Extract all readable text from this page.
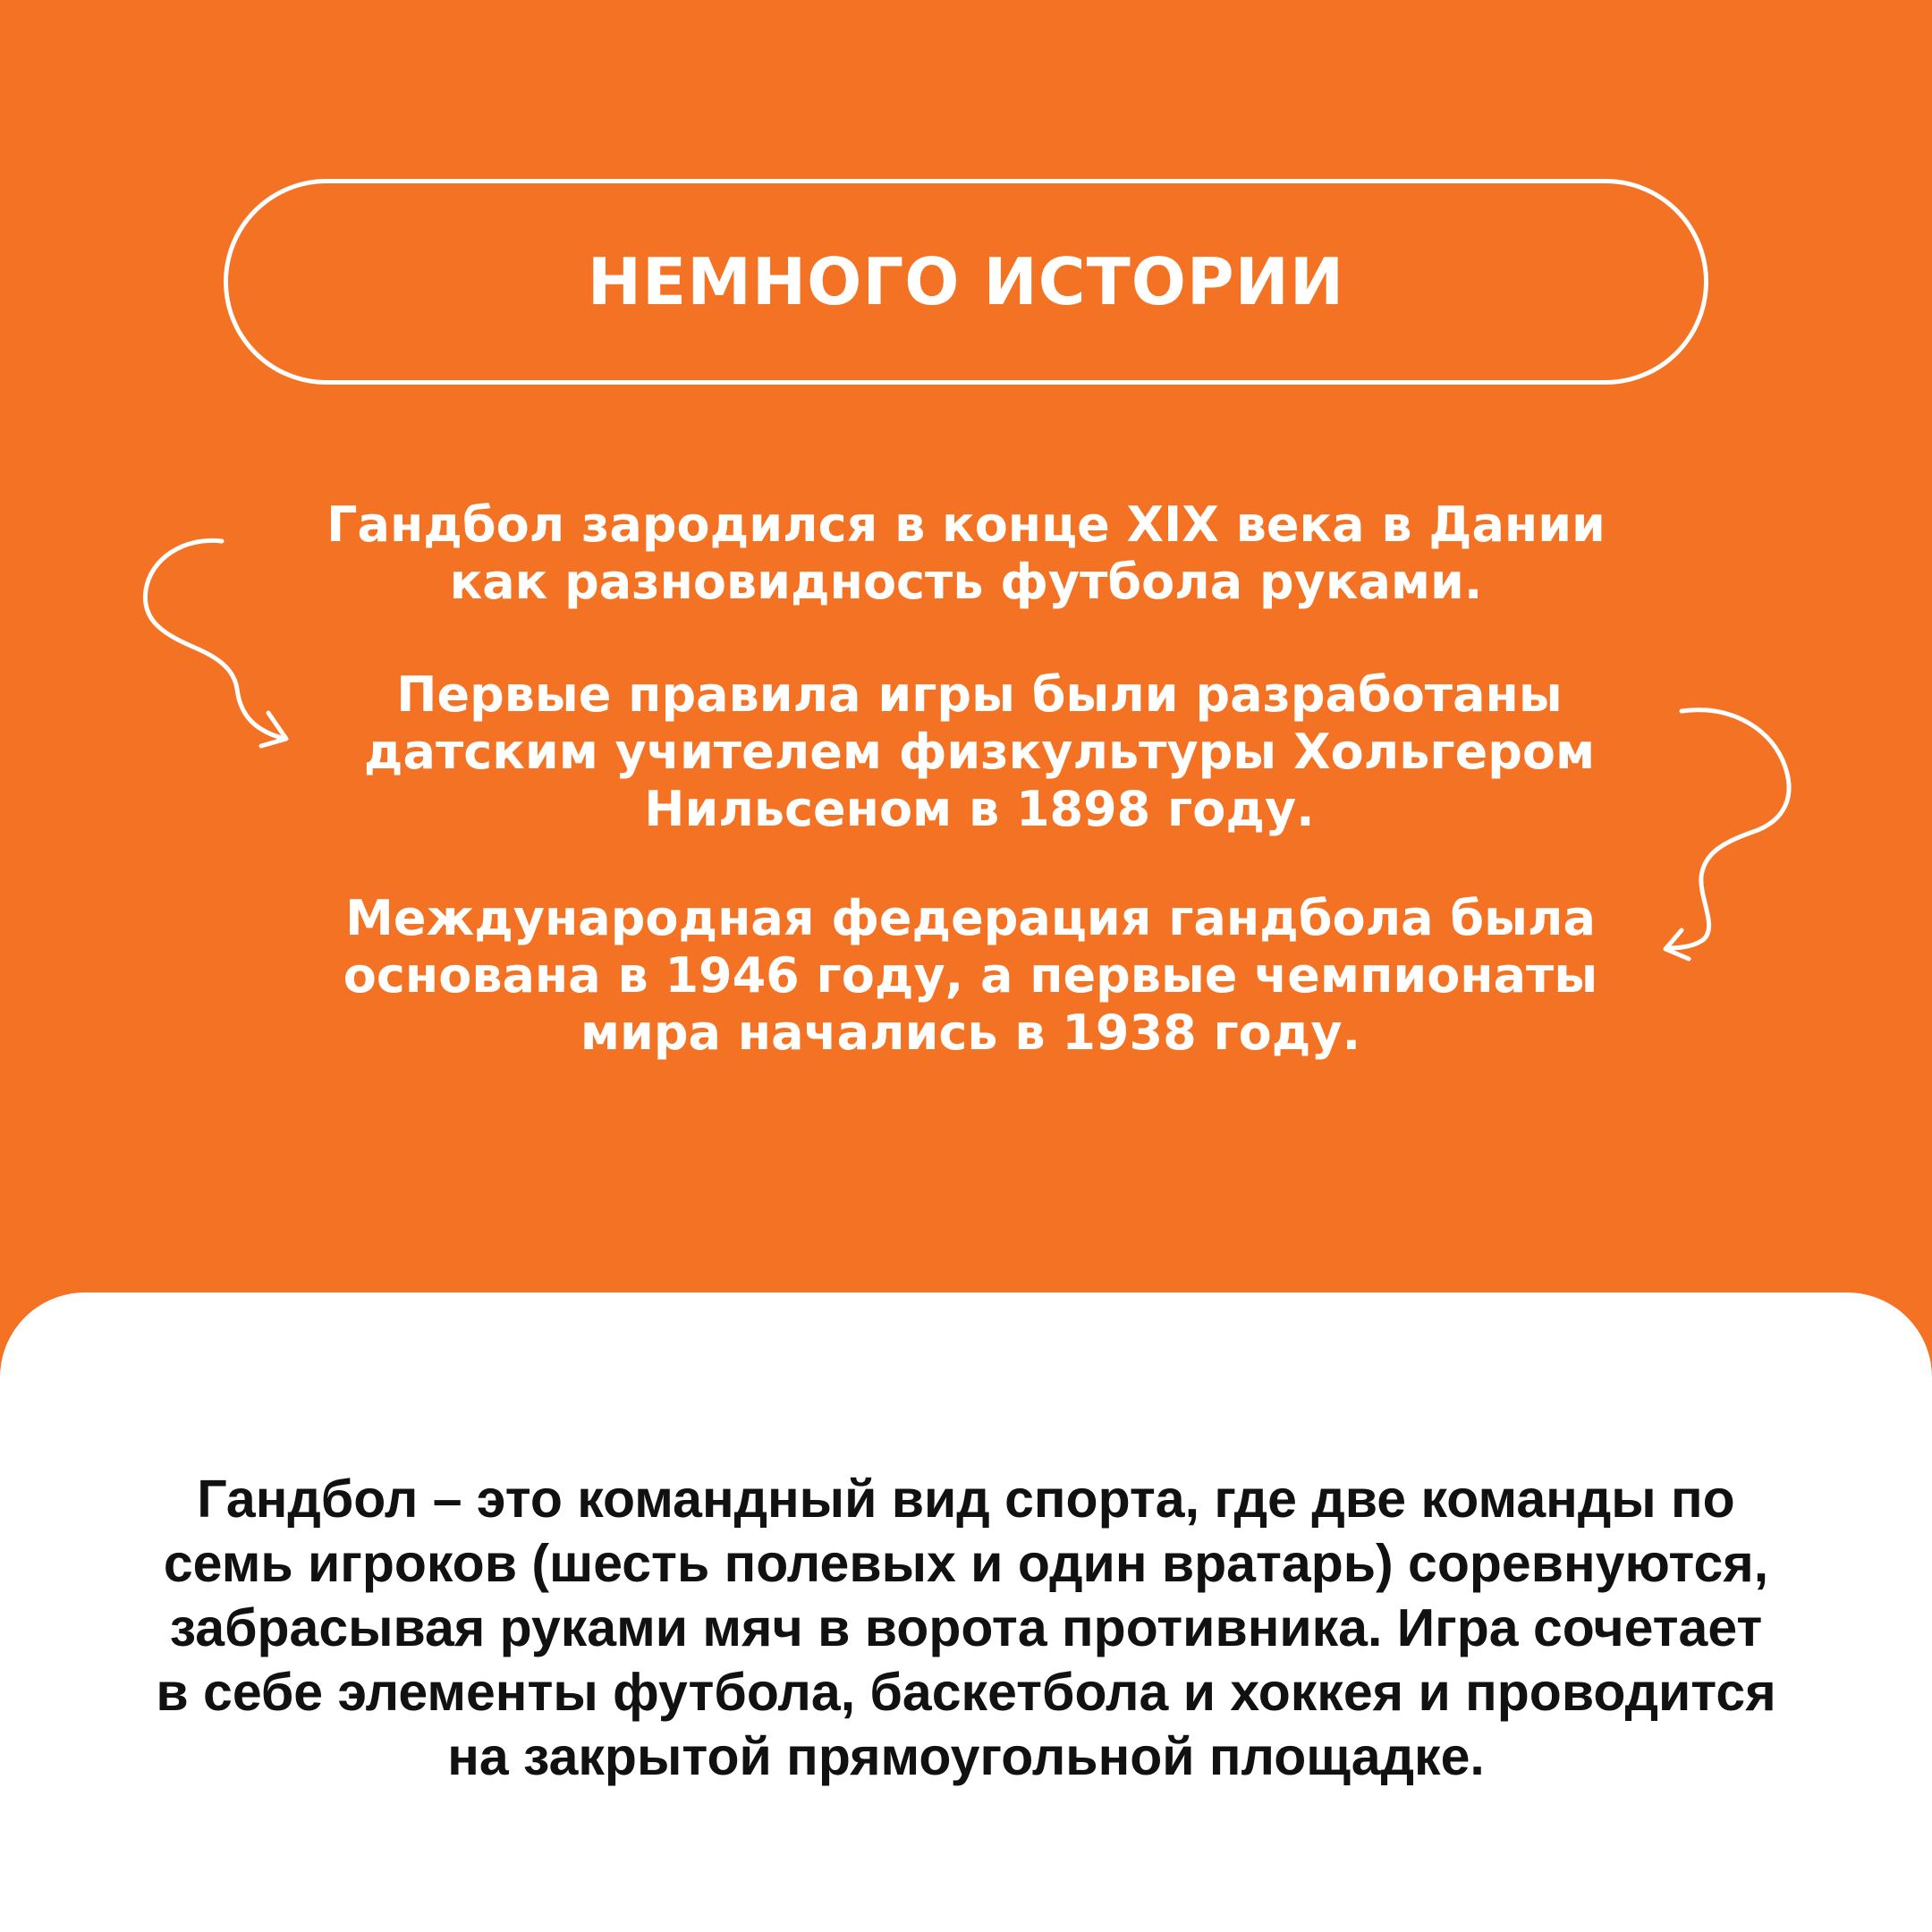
НЕМНОГО ИСТОРИИ
Гандбол зародился в конце XIX века в Дании
как разновидность футбола руками.
Первые правила игры были разработаны
датским учителем физкультуры Хольгером
Нильсеном в 1898 году.
Международная федерация гандбола была
основана в 1946 году, а первые чемпионаты
мира начались в 1938 году.
Гандбол – это командный вид спорта, где две команды по
семь игроков (шесть полевых и один вратарь) соревнуются,
забрасывая руками мяч в ворота противника. Игра сочетает
в себе элементы футбола, баскетбола и хоккея и проводится
на закрытой прямоугольной площадке.
